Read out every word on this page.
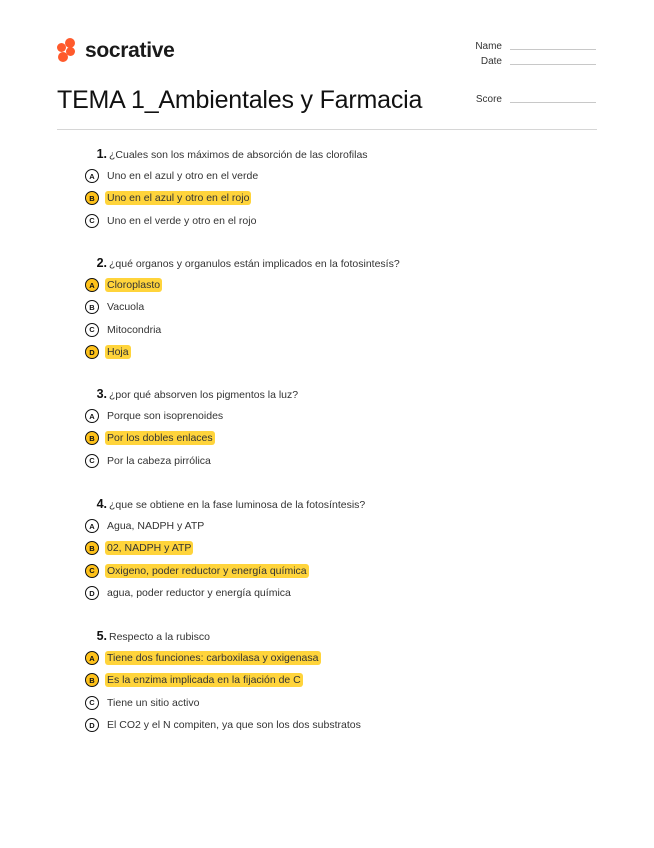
socrative	Name
Date
Score
TEMA 1_Ambientales y Farmacia
1. ¿Cuales son los máximos de absorción de las clorofilas
A	Uno en el azul y otro en el verde
B	Uno en el azul y otro en el rojo
C	Uno en el verde y otro en el rojo
2. ¿qué organos y organulos están implicados en la fotosintesís?
A	Cloroplasto
B	Vacuola
C	Mitocondria
D	Hoja
3. ¿por qué absorven los pigmentos la luz?
A	Porque son isoprenoides
B	Por los dobles enlaces
C	Por la cabeza pirrólica
4. ¿que se obtiene en la fase luminosa de la fotosíntesis?
A	Agua, NADPH y ATP
B	02, NADPH y ATP
C	Oxigeno, poder reductor y energía química
D	agua, poder reductor y energía química
5. Respecto a la rubisco
A	Tiene dos funciones: carboxilasa y oxigenasa
B	Es la enzima implicada en la fijación de C
C	Tiene un sitio activo
D	El CO2 y el N compiten, ya que son los dos substratos
